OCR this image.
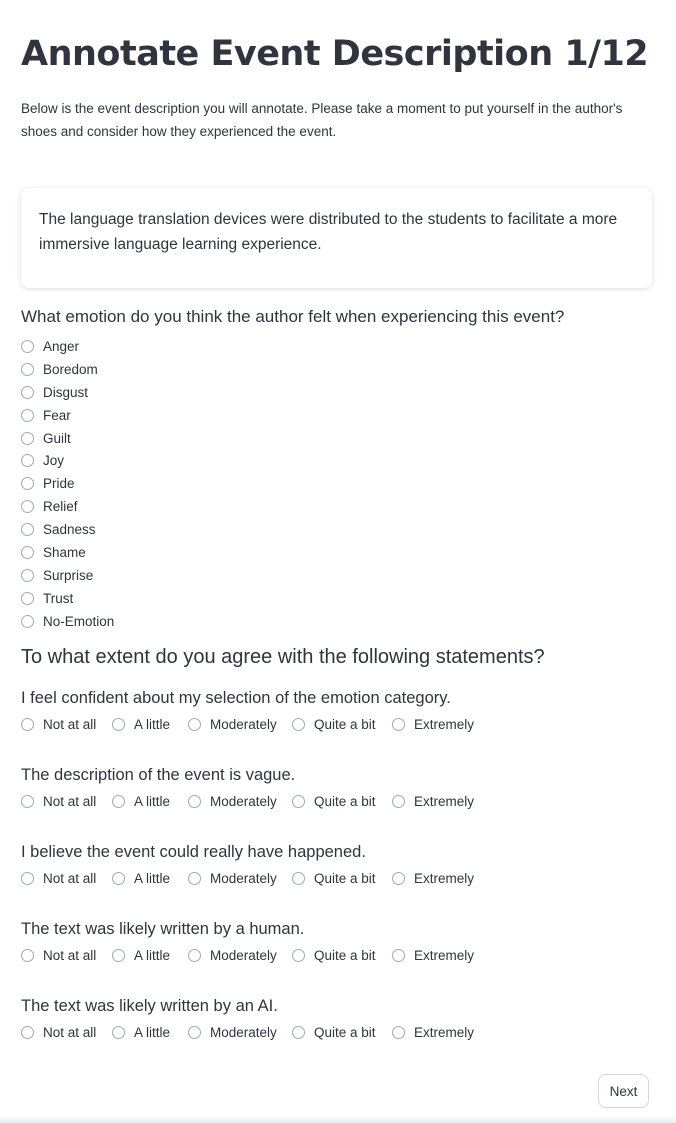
Annotate Event Description 1/12

Below is the event description you will annotate. Please take a moment to put yourself in the author's shoes and consider how they experienced the event.

The language translation devices were distributed to the students to facilitate a more immersive language learning experience.

What emotion do you think the author felt when experiencing this event?
Anger
Boredom
Disgust
Fear
Guilt
Joy
Pride
Relief
Sadness
Shame
Surprise
Trust
No-Emotion
To what extent do you agree with the following statements?
I feel confident about my selection of the emotion category.
Not at all	A little	Moderately	Quite a bit	Extremely
The description of the event is vague.
Not at all	A little	Moderately	Quite a bit	Extremely
I believe the event could really have happened.
Not at all	A little	Moderately	Quite a bit	Extremely
The text was likely written by a human.
Not at all	A little	Moderately	Quite a bit	Extremely
The text was likely written by an AI.
Not at all	A little	Moderately	Quite a bit	Extremely
Next
